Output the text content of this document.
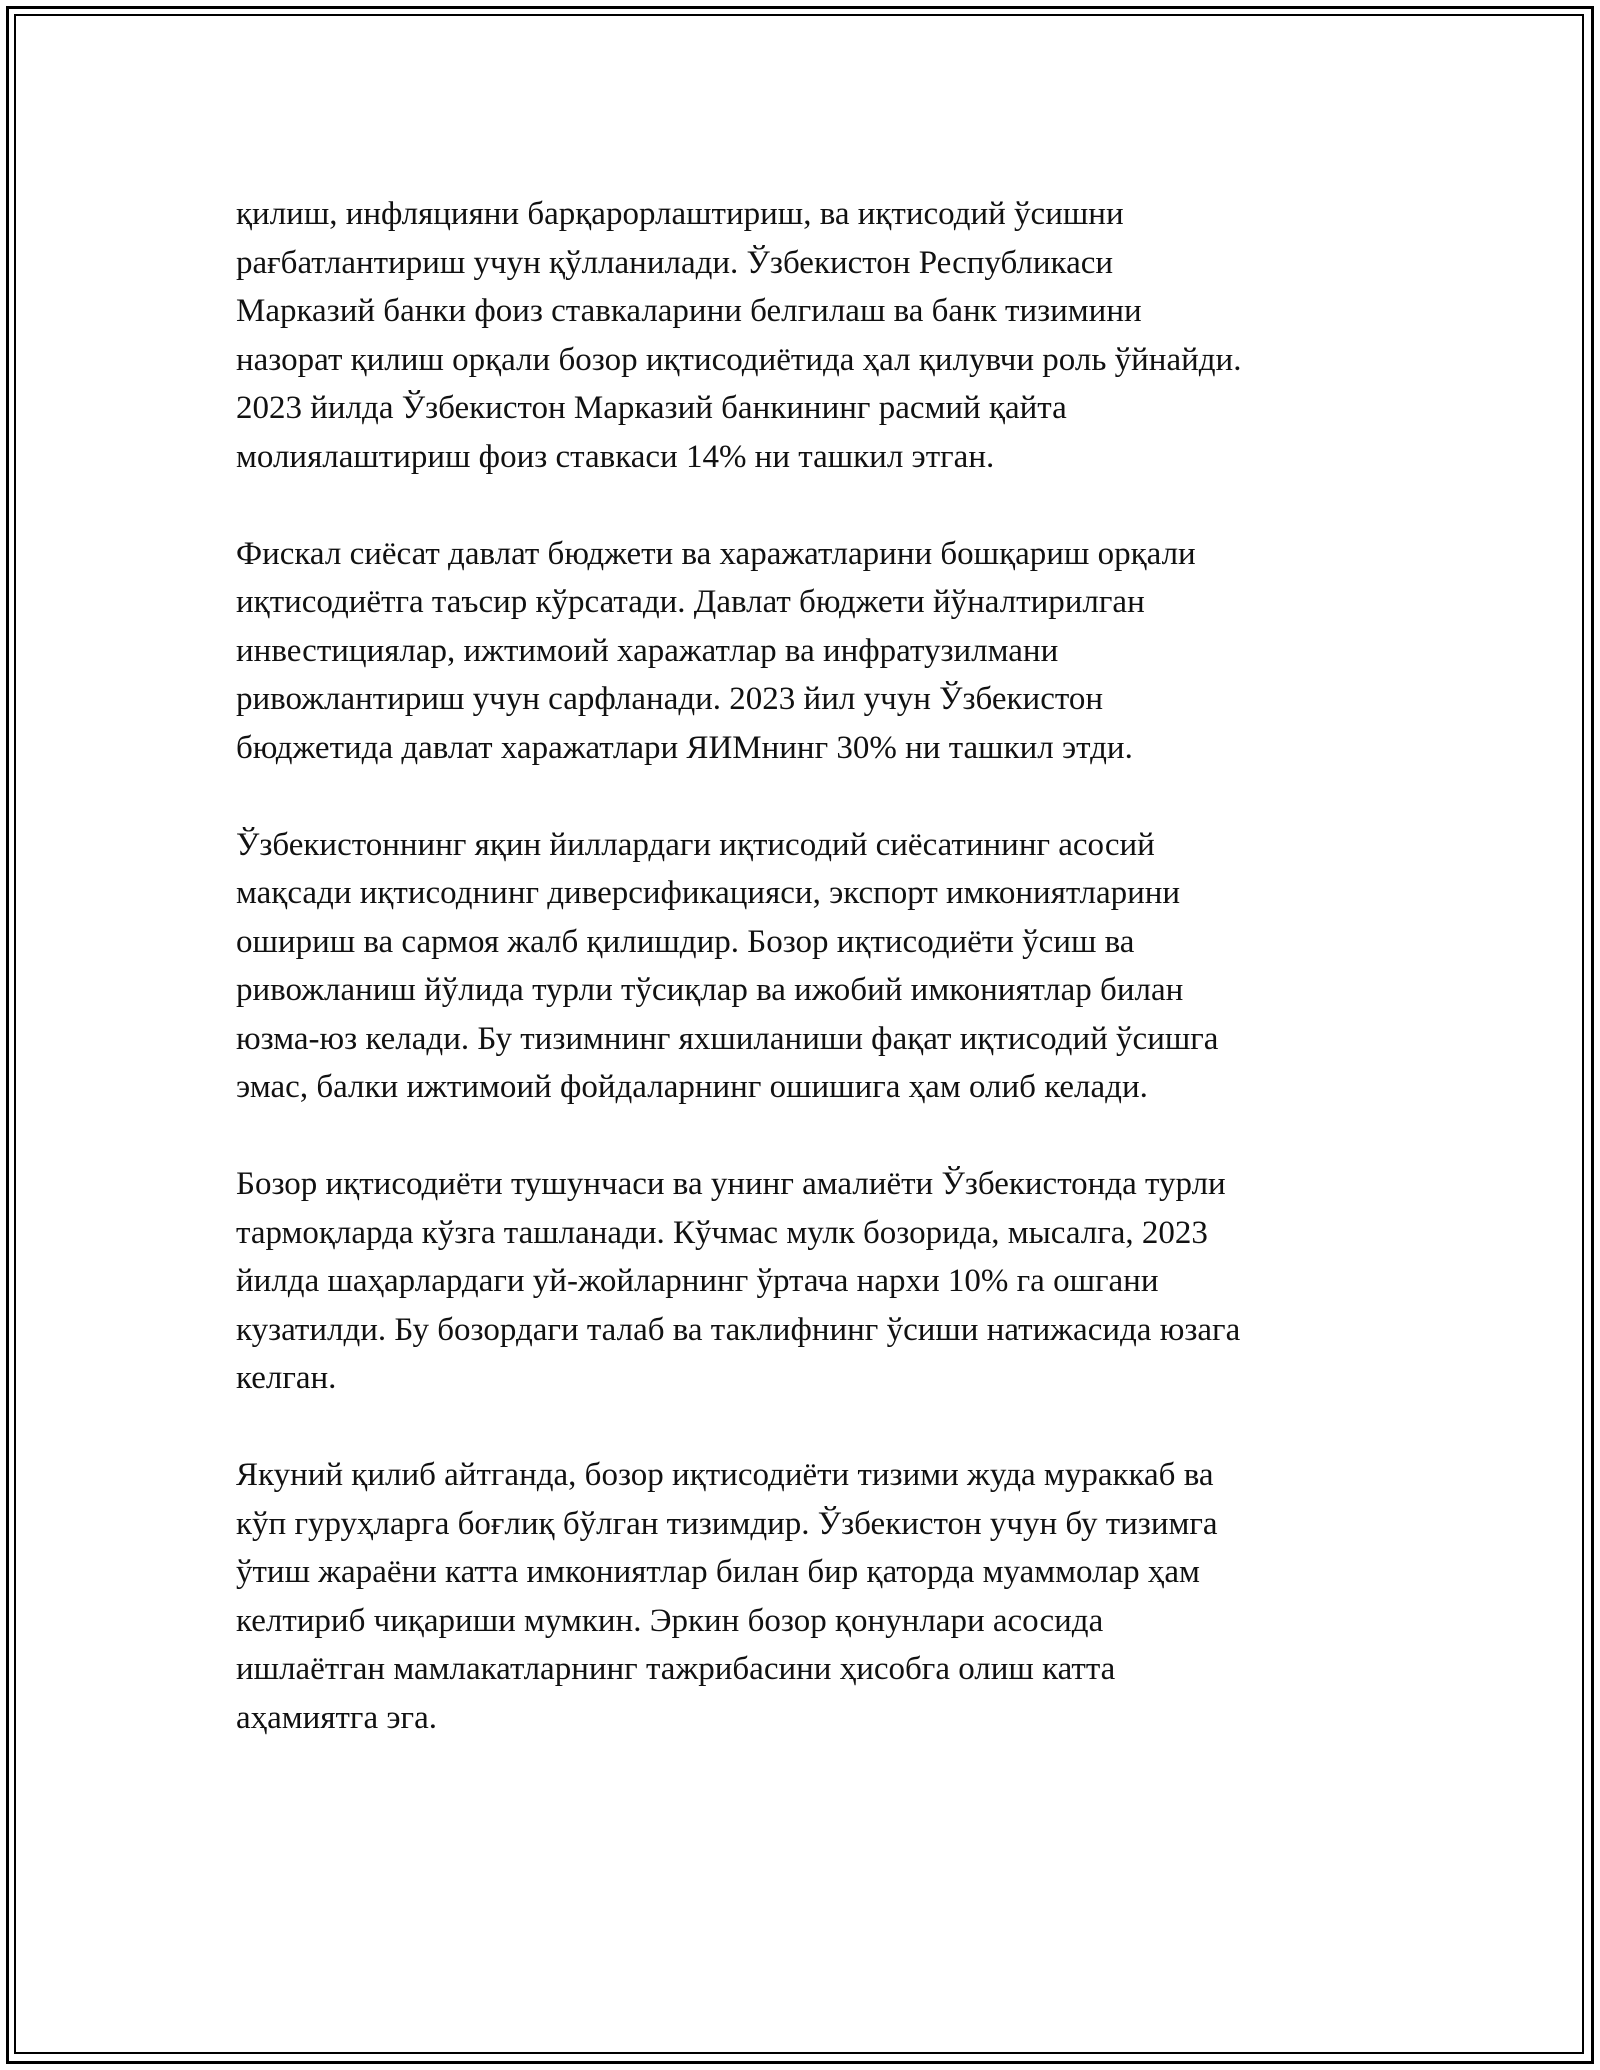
қилиш, инфляцияни барқарорлаштириш, ва иқтисодий ўсишни
рағбатлантириш учун қўлланилади. Ўзбекистон Республикаси
Марказий банки фоиз ставкаларини белгилаш ва банк тизимини
назорат қилиш орқали бозор иқтисодиётида ҳал қилувчи роль ўйнайди.
2023 йилда Ўзбекистон Марказий банкининг расмий қайта
молиялаштириш фоиз ставкаси 14% ни ташкил этган.

Фискал сиёсат давлат бюджети ва харажатларини бошқариш орқали
иқтисодиётга таъсир кўрсатади. Давлат бюджети йўналтирилган
инвестициялар, ижтимоий харажатлар ва инфратузилмани
ривожлантириш учун сарфланади. 2023 йил учун Ўзбекистон
бюджетида давлат харажатлари ЯИМнинг 30% ни ташкил этди.

Ўзбекистоннинг яқин йиллардаги иқтисодий сиёсатининг асосий
мақсади иқтисоднинг диверсификацияси, экспорт имкониятларини
ошириш ва сармоя жалб қилишдир. Бозор иқтисодиёти ўсиш ва
ривожланиш йўлида турли тўсиқлар ва ижобий имкониятлар билан
юзма-юз келади. Бу тизимнинг яхшиланиши фақат иқтисодий ўсишга
эмас, балки ижтимоий фойдаларнинг ошишига ҳам олиб келади.

Бозор иқтисодиёти тушунчаси ва унинг амалиёти Ўзбекистонда турли
тармоқларда кўзга ташланади. Кўчмас мулк бозорида, мысалга, 2023
йилда шаҳарлардаги уй-жойларнинг ўртача нархи 10% га ошгани
кузатилди. Бу бозордаги талаб ва таклифнинг ўсиши натижасида юзага
келган.

Якуний қилиб айтганда, бозор иқтисодиёти тизими жуда мураккаб ва
кўп гуруҳларга боғлиқ бўлган тизимдир. Ўзбекистон учун бу тизимга
ўтиш жараёни катта имкониятлар билан бир қаторда муаммолар ҳам
келтириб чиқариши мумкин. Эркин бозор қонунлари асосида
ишлаётган мамлакатларнинг тажрибасини ҳисобга олиш катта
аҳамиятга эга.
